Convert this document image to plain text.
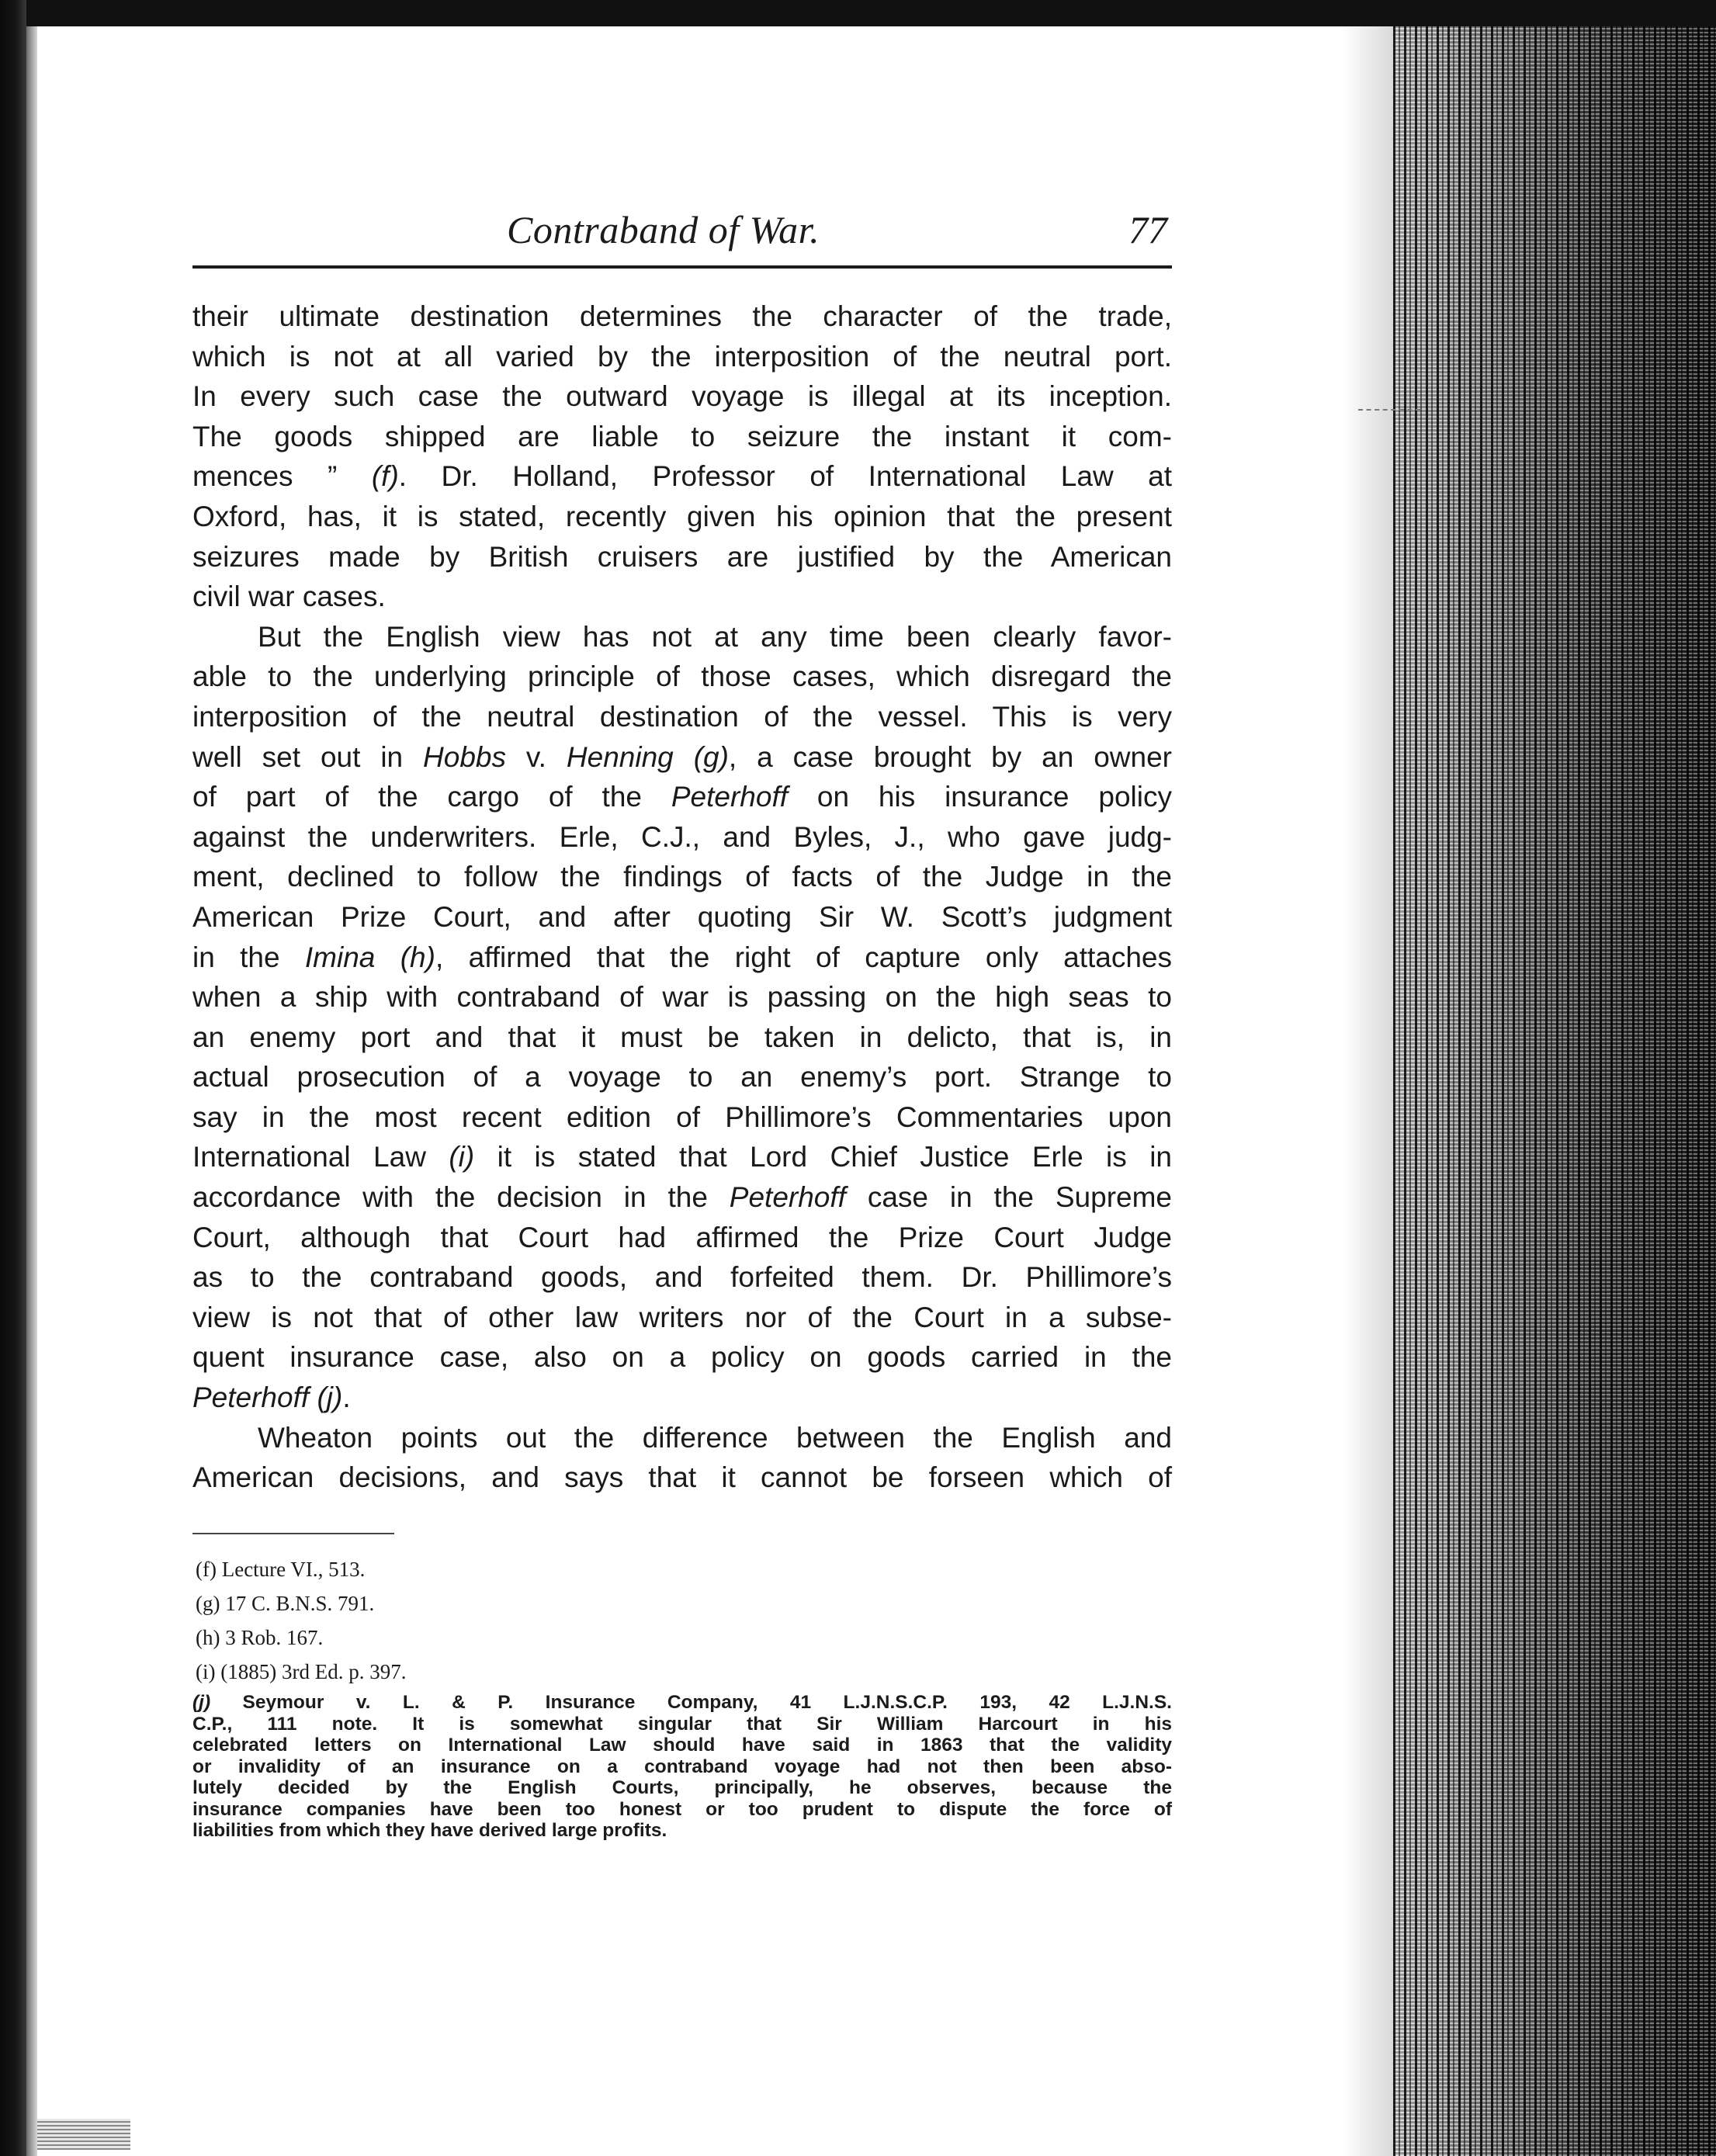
Contraband of War.	77
their ultimate destination determines the character of the trade,
which is not at all varied by the interposition of the neutral port.
In every such case the outward voyage is illegal at its inception.
The goods shipped are liable to seizure the instant it com-
mences ” (f). Dr. Holland, Professor of International Law at
Oxford, has, it is stated, recently given his opinion that the present
seizures made by British cruisers are justified by the American
civil war cases.
But the English view has not at any time been clearly favor-
able to the underlying principle of those cases, which disregard the
interposition of the neutral destination of the vessel. This is very
well set out in Hobbs v. Henning (g), a case brought by an owner
of part of the cargo of the Peterhoff on his insurance policy
against the underwriters. Erle, C.J., and Byles, J., who gave judg-
ment, declined to follow the findings of facts of the Judge in the
American Prize Court, and after quoting Sir W. Scott’s judgment
in the Imina (h), affirmed that the right of capture only attaches
when a ship with contraband of war is passing on the high seas to
an enemy port and that it must be taken in delicto, that is, in
actual prosecution of a voyage to an enemy’s port. Strange to
say in the most recent edition of Phillimore’s Commentaries upon
International Law (i) it is stated that Lord Chief Justice Erle is in
accordance with the decision in the Peterhoff case in the Supreme
Court, although that Court had affirmed the Prize Court Judge
as to the contraband goods, and forfeited them. Dr. Phillimore’s
view is not that of other law writers nor of the Court in a subse-
quent insurance case, also on a policy on goods carried in the
Peterhoff (j).
Wheaton points out the difference between the English and
American decisions, and says that it cannot be forseen which of
(f) Lecture VI., 513.
(g) 17 C. B.N.S. 791.
(h) 3 Rob. 167.
(i) (1885) 3rd Ed. p. 397.
(j) Seymour v. L. & P. Insurance Company, 41 L.J.N.S.C.P. 193, 42 L.J.N.S.
C.P., 111 note. It is somewhat singular that Sir William Harcourt in his
celebrated letters on International Law should have said in 1863 that the validity
or invalidity of an insurance on a contraband voyage had not then been abso-
lutely decided by the English Courts, principally, he observes, because the
insurance companies have been too honest or too prudent to dispute the force of
liabilities from which they have derived large profits.
